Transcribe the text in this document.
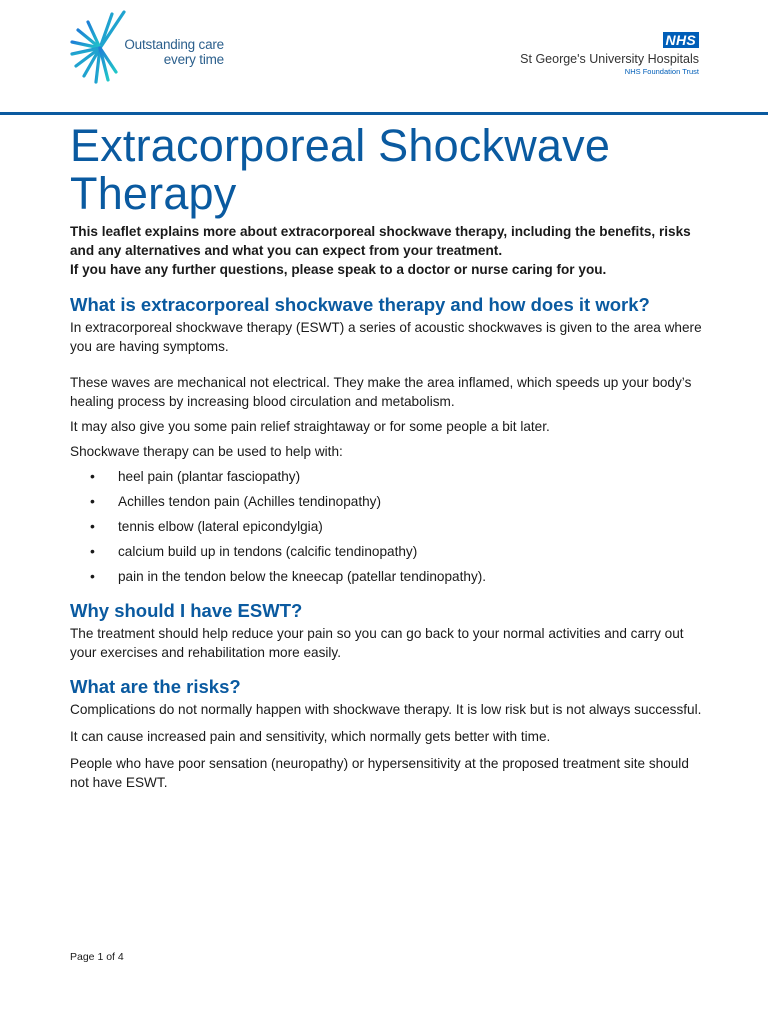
Outstanding care
every time
NHS
St George's University Hospitals
NHS Foundation Trust
Extracorporeal Shockwave Therapy

This leaflet explains more about extracorporeal shockwave therapy, including the benefits, risks and any alternatives and what you can expect from your treatment.

If you have any further questions, please speak to a doctor or nurse caring for you.

What is extracorporeal shockwave therapy and how does it work?

In extracorporeal shockwave therapy (ESWT) a series of acoustic shockwaves is given to the area where you are having symptoms.

These waves are mechanical not electrical. They make the area inflamed, which speeds up your body’s healing process by increasing blood circulation and metabolism.

It may also give you some pain relief straightaway or for some people a bit later.

Shockwave therapy can be used to help with:

• heel pain (plantar fasciopathy)
• Achilles tendon pain (Achilles tendinopathy)
• tennis elbow (lateral epicondylgia)
• calcium build up in tendons (calcific tendinopathy)
• pain in the tendon below the kneecap (patellar tendinopathy).
Why should I have ESWT?

The treatment should help reduce your pain so you can go back to your normal activities and carry out your exercises and rehabilitation more easily.

What are the risks?

Complications do not normally happen with shockwave therapy. It is low risk but is not always successful.

It can cause increased pain and sensitivity, which normally gets better with time.

People who have poor sensation (neuropathy) or hypersensitivity at the proposed treatment site should not have ESWT.

Page 1 of 4
